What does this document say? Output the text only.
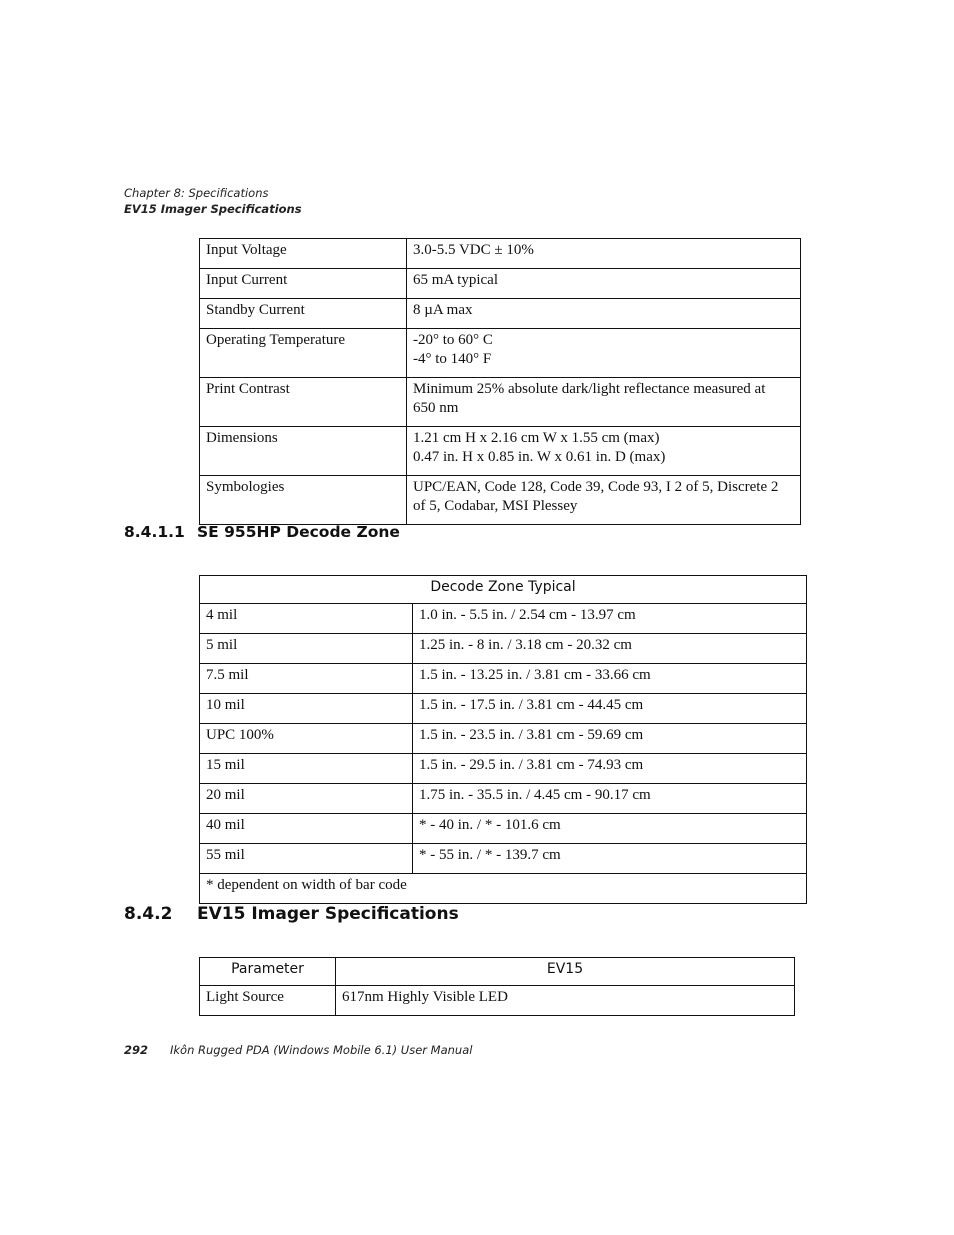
Chapter 8: Specifications
EV15 Imager Specifications
Input Voltage	3.0-5.5 VDC ± 10%

Input Current	65 mA typical

Standby Current	8 µA max

Operating Temperature	-20° to 60° C
-4° to 140° F

Print Contrast	Minimum 25% absolute dark/light reflectance measured at
650 nm

Dimensions	1.21 cm H x 2.16 cm W x 1.55 cm (max)
0.47 in. H x 0.85 in. W x 0.61 in. D (max)

Symbologies	UPC/EAN, Code 128, Code 39, Code 93, I 2 of 5, Discrete 2
of 5, Codabar, MSI Plessey
8.4.1.1 SE 955HP Decode Zone
Decode Zone Typical	
4 mil	1.0 in. - 5.5 in. / 2.54 cm - 13.97 cm
5 mil	1.25 in. - 8 in. / 3.18 cm - 20.32 cm
7.5 mil	1.5 in. - 13.25 in. / 3.81 cm - 33.66 cm
10 mil	1.5 in. - 17.5 in. / 3.81 cm - 44.45 cm
UPC 100%	1.5 in. - 23.5 in. / 3.81 cm - 59.69 cm
15 mil	1.5 in. - 29.5 in. / 3.81 cm - 74.93 cm
20 mil	1.75 in. - 35.5 in. / 4.45 cm - 90.17 cm
40 mil	* - 40 in. / * - 101.6 cm
55 mil	* - 55 in. / * - 139.7 cm
* dependent on width of bar code	
8.4.2 EV15 Imager Specifications
Parameter	EV15
Light Source	617nm Highly Visible LED
292 Ikôn Rugged PDA (Windows Mobile 6.1) User Manual
